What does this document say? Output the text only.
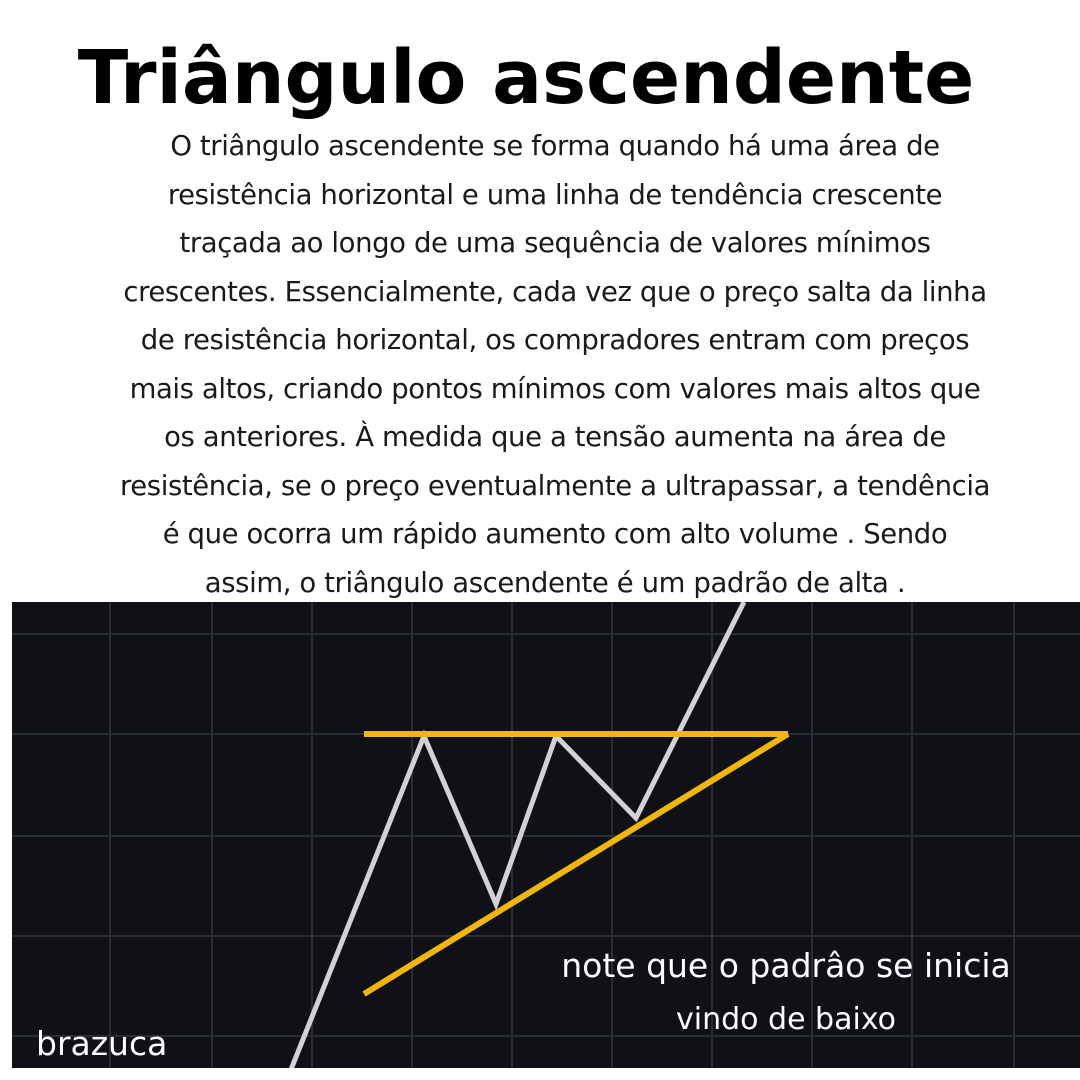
Triângulo ascendente
O triângulo ascendente se forma quando há uma área de
resistência horizontal e uma linha de tendência crescente
traçada ao longo de uma sequência de valores mínimos
crescentes. Essencialmente, cada vez que o preço salta da linha
de resistência horizontal, os compradores entram com preços
mais altos, criando pontos mínimos com valores mais altos que
os anteriores. À medida que a tensão aumenta na área de
resistência, se o preço eventualmente a ultrapassar, a tendência
é que ocorra um rápido aumento com alto volume . Sendo
assim, o triângulo ascendente é um padrão de alta .
note que o padrâo se inicia
vindo de baixo
brazuca
